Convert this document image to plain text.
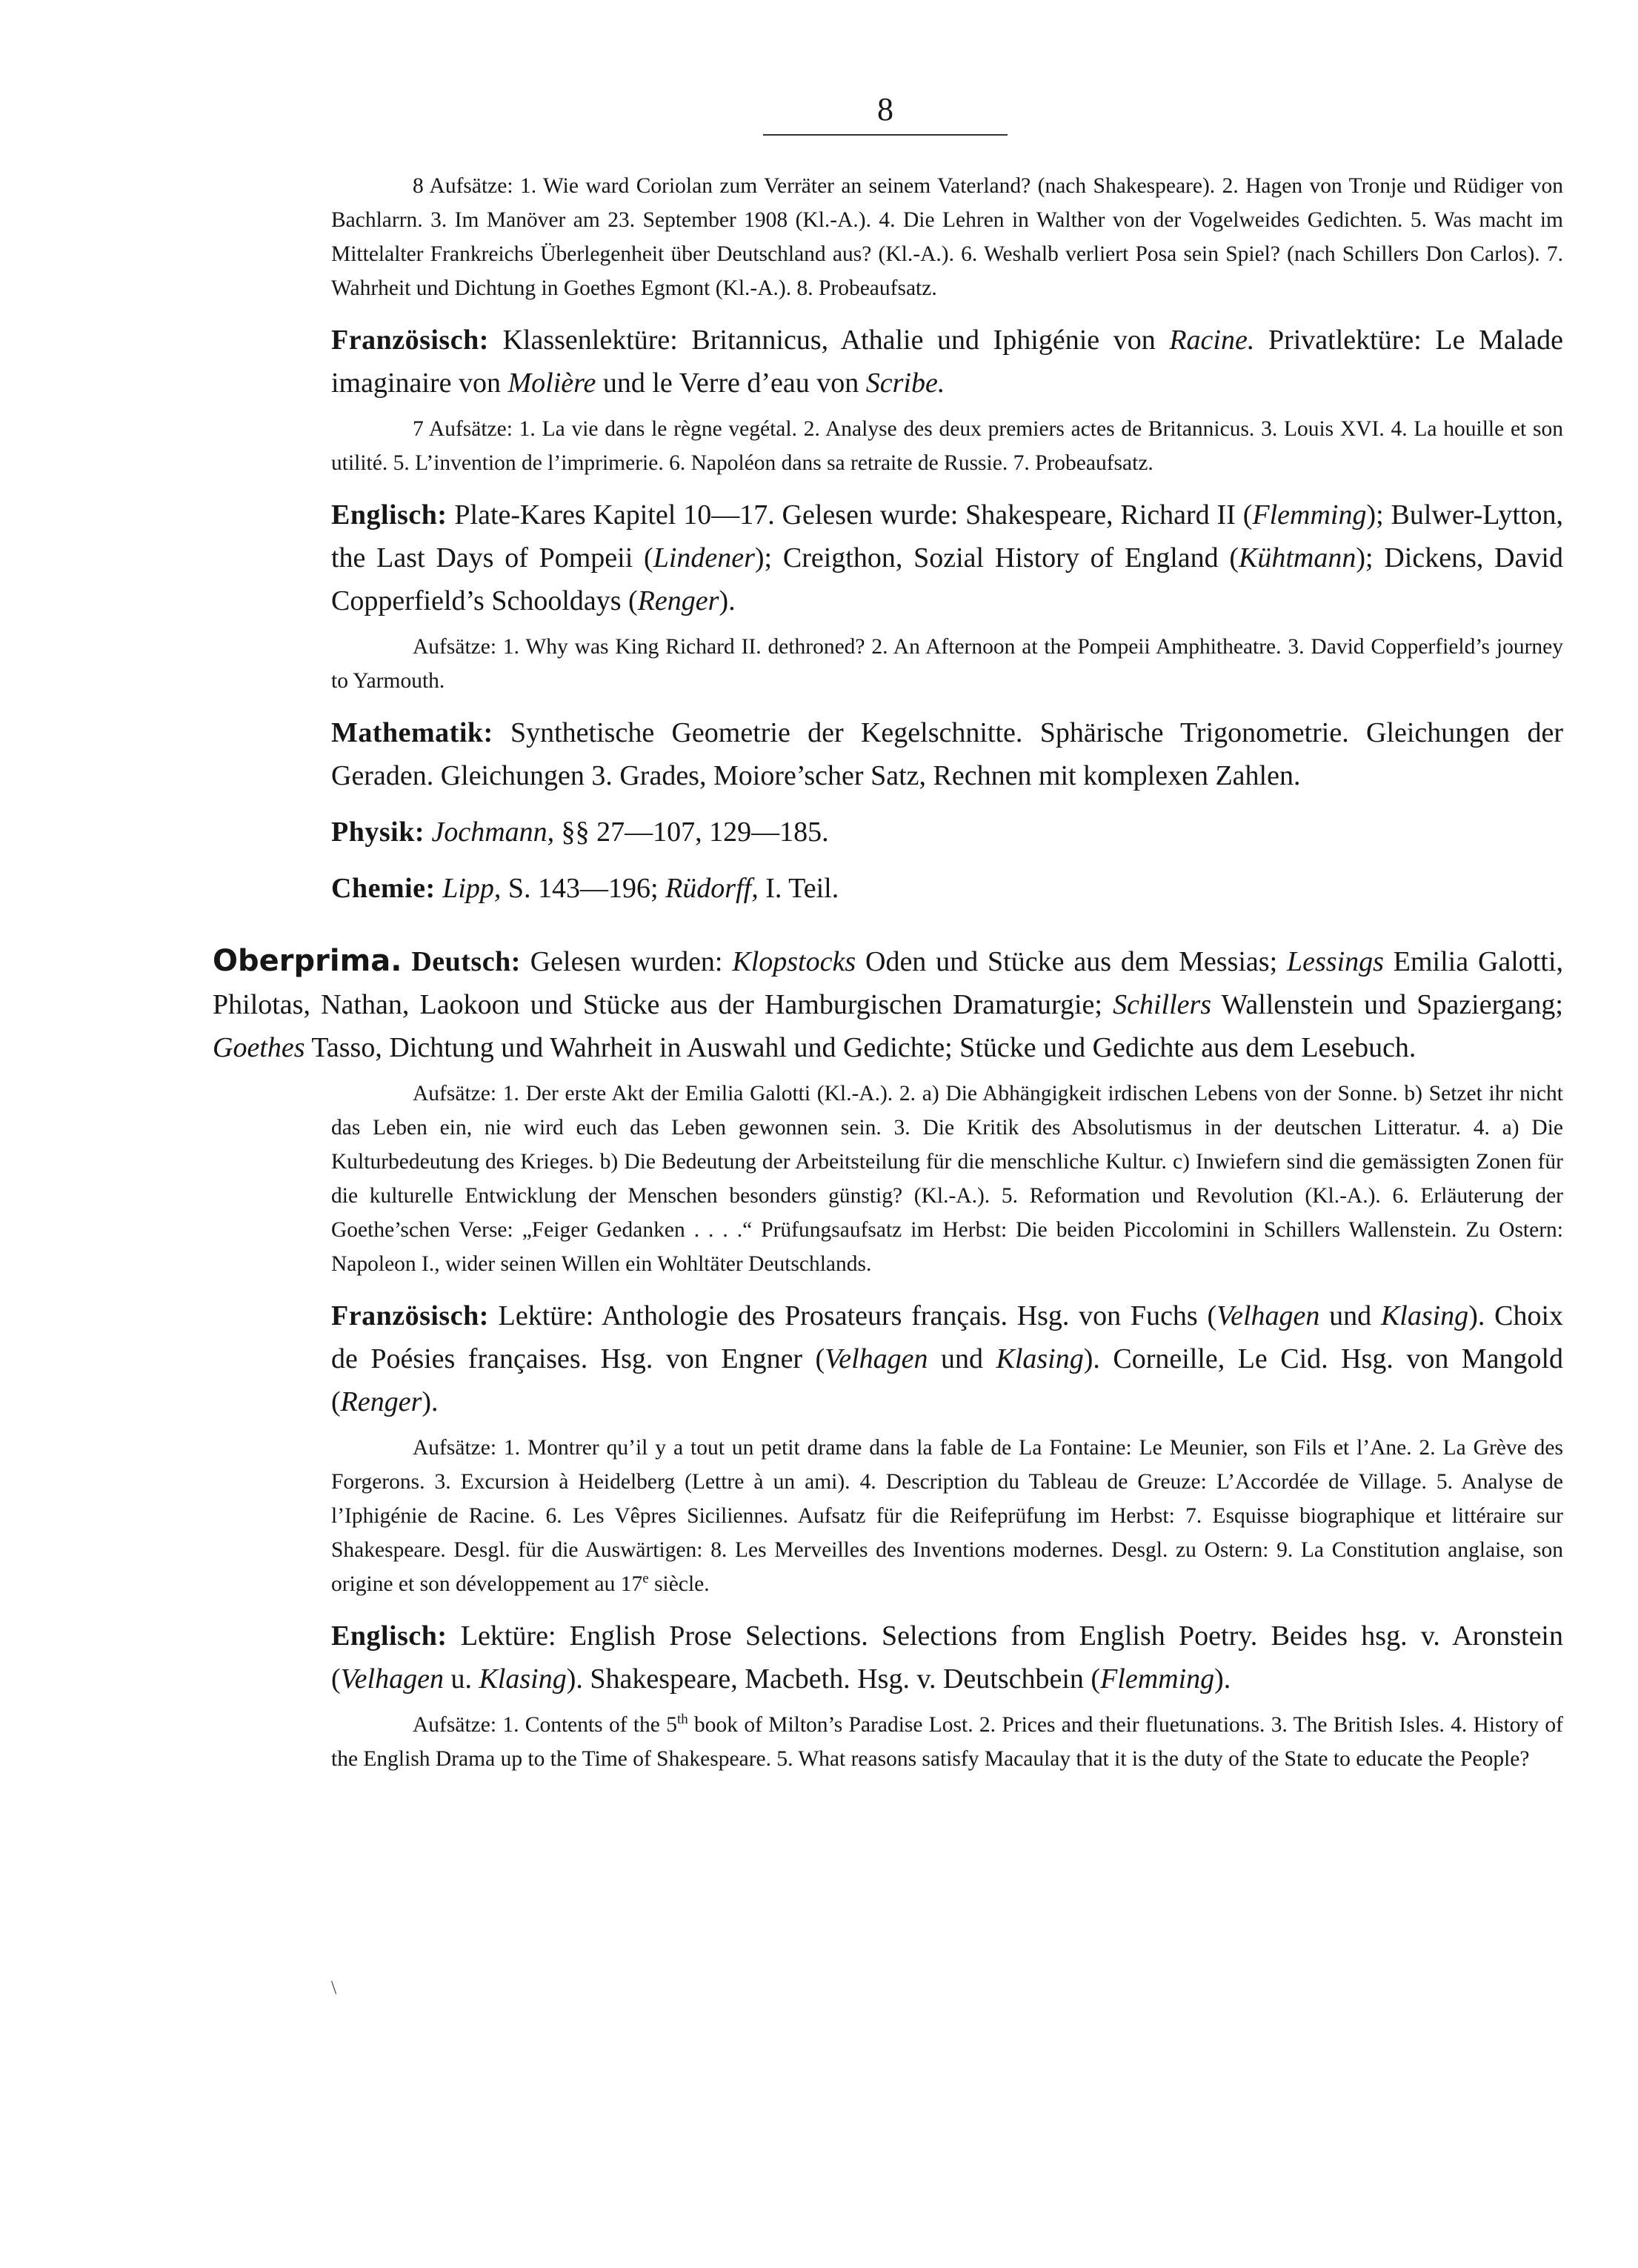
8

8 Aufsätze: 1. Wie ward Coriolan zum Verräter an seinem Vaterland? (nach Shakespeare). 2. Hagen von Tronje und Rüdiger von Bachlarrn. 3. Im Manöver am 23. September 1908 (Kl.-A.). 4. Die Lehren in Walther von der Vogelweides Gedichten. 5. Was macht im Mittelalter Frankreichs Überlegenheit über Deutschland aus? (Kl.-A.). 6. Weshalb verliert Posa sein Spiel? (nach Schillers Don Carlos). 7. Wahrheit und Dichtung in Goethes Egmont (Kl.-A.). 8. Probeaufsatz.

Französisch: Klassenlektüre: Britannicus, Athalie und Iphigénie von Racine. Privatlektüre: Le Malade imaginaire von Molière und le Verre d’eau von Scribe.

7 Aufsätze: 1. La vie dans le règne vegétal. 2. Analyse des deux premiers actes de Britannicus. 3. Louis XVI. 4. La houille et son utilité. 5. L’invention de l’imprimerie. 6. Napoléon dans sa retraite de Russie. 7. Probeaufsatz.

Englisch: Plate-Kares Kapitel 10—17. Gelesen wurde: Shakespeare, Richard II (Flemming); Bulwer-Lytton, the Last Days of Pompeii (Lindener); Creigthon, Sozial History of England (Kühtmann); Dickens, David Copperfield’s Schooldays (Renger).

Aufsätze: 1. Why was King Richard II. dethroned? 2. An Afternoon at the Pompeii Amphitheatre. 3. David Copperfield’s journey to Yarmouth.

Mathematik: Synthetische Geometrie der Kegelschnitte. Sphärische Trigonometrie. Gleichungen der Geraden. Gleichungen 3. Grades, Moiore’scher Satz, Rechnen mit komplexen Zahlen.

Physik: Jochmann, §§ 27—107, 129—185.

Chemie: Lipp, S. 143—196; Rüdorff, I. Teil.

Oberprima. Deutsch: Gelesen wurden: Klopstocks Oden und Stücke aus dem Messias; Lessings Emilia Galotti, Philotas, Nathan, Laokoon und Stücke aus der Hamburgischen Dramaturgie; Schillers Wallenstein und Spaziergang; Goethes Tasso, Dichtung und Wahrheit in Auswahl und Gedichte; Stücke und Gedichte aus dem Lesebuch.

Aufsätze: 1. Der erste Akt der Emilia Galotti (Kl.-A.). 2. a) Die Abhängigkeit irdischen Lebens von der Sonne. b) Setzet ihr nicht das Leben ein, nie wird euch das Leben gewonnen sein. 3. Die Kritik des Absolutismus in der deutschen Litteratur. 4. a) Die Kulturbedeutung des Krieges. b) Die Bedeutung der Arbeitsteilung für die menschliche Kultur. c) Inwiefern sind die gemässigten Zonen für die kulturelle Entwicklung der Menschen besonders günstig? (Kl.-A.). 5. Reformation und Revolution (Kl.-A.). 6. Erläuterung der Goethe’schen Verse: „Feiger Gedanken . . . .“ Prüfungsaufsatz im Herbst: Die beiden Piccolomini in Schillers Wallenstein. Zu Ostern: Napoleon I., wider seinen Willen ein Wohltäter Deutschlands.

Französisch: Lektüre: Anthologie des Prosateurs français. Hsg. von Fuchs (Velhagen und Klasing). Choix de Poésies françaises. Hsg. von Engner (Velhagen und Klasing). Corneille, Le Cid. Hsg. von Mangold (Renger).

Aufsätze: 1. Montrer qu’il y a tout un petit drame dans la fable de La Fontaine: Le Meunier, son Fils et l’Ane. 2. La Grève des Forgerons. 3. Excursion à Heidelberg (Lettre à un ami). 4. Description du Tableau de Greuze: L’Accordée de Village. 5. Analyse de l’Iphigénie de Racine. 6. Les Vêpres Siciliennes. Aufsatz für die Reifeprüfung im Herbst: 7. Esquisse biographique et littéraire sur Shakespeare. Desgl. für die Auswärtigen: 8. Les Merveilles des Inventions modernes. Desgl. zu Ostern: 9. La Constitution anglaise, son origine et son développement au 17e siècle.

Englisch: Lektüre: English Prose Selections. Selections from English Poetry. Beides hsg. v. Aronstein (Velhagen u. Klasing). Shakespeare, Macbeth. Hsg. v. Deutschbein (Flemming).

Aufsätze: 1. Contents of the 5th book of Milton’s Paradise Lost. 2. Prices and their fluetunations. 3. The British Isles. 4. History of the English Drama up to the Time of Shakespeare. 5. What reasons satisfy Macaulay that it is the duty of the State to educate the People?

\
